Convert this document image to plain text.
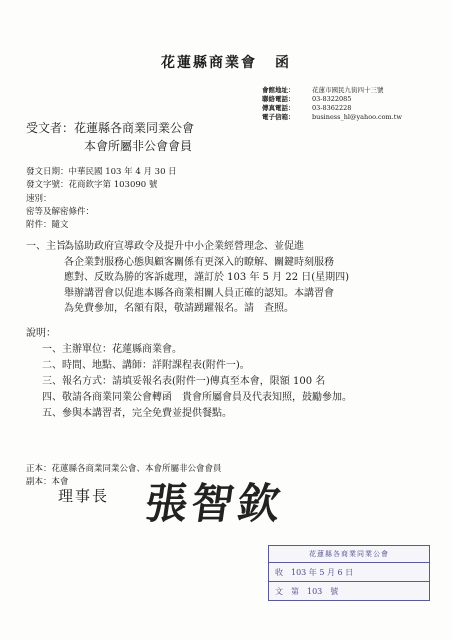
花蓮縣商業會 函
會館地址：	花蓮市國民九街四十三號
聯絡電話：	03-8322085
傳真電話：	03-8362228
電子信箱：	business_hl@yahoo.com.tw
受文者：花蓮縣各商業同業公會
本會所屬非公會會員
發文日期： 中華民國 103 年 4 月 30 日
發文字號： 花商欽字第 103090 號
速別：
密等及解密條件：
附件： 隨文
一、主旨：
為協助政府宣導政令及提升中小企業經營理念、並促進
各企業對服務心態與顧客關係有更深入的瞭解、關鍵時刻服務
應對、反敗為勝的客訴處理，謹訂於 103 年 5 月 22 日(星期四)
舉辦講習會以促進本縣各商業相關人員正確的認知。本講習會
為免費參加，名額有限，敬請踴躍報名。請　查照。
說明：
一、主辦單位：花蓮縣商業會。
二、時間、地點、講師：詳附課程表(附件一)。
三、報名方式：請填妥報名表(附件一)傳真至本會，限額 100 名
四、敬請各商業同業公會轉函　貴會所屬會員及代表知照，鼓勵參加。
五、參與本講習者，完全免費並提供餐點。
正本：花蓮縣各商業同業公會、本會所屬非公會會員
副本：本會
理事長 張智欽
花蓮縣各商業同業公會
收　103 年 5 月 6 日
文　第　103　號
